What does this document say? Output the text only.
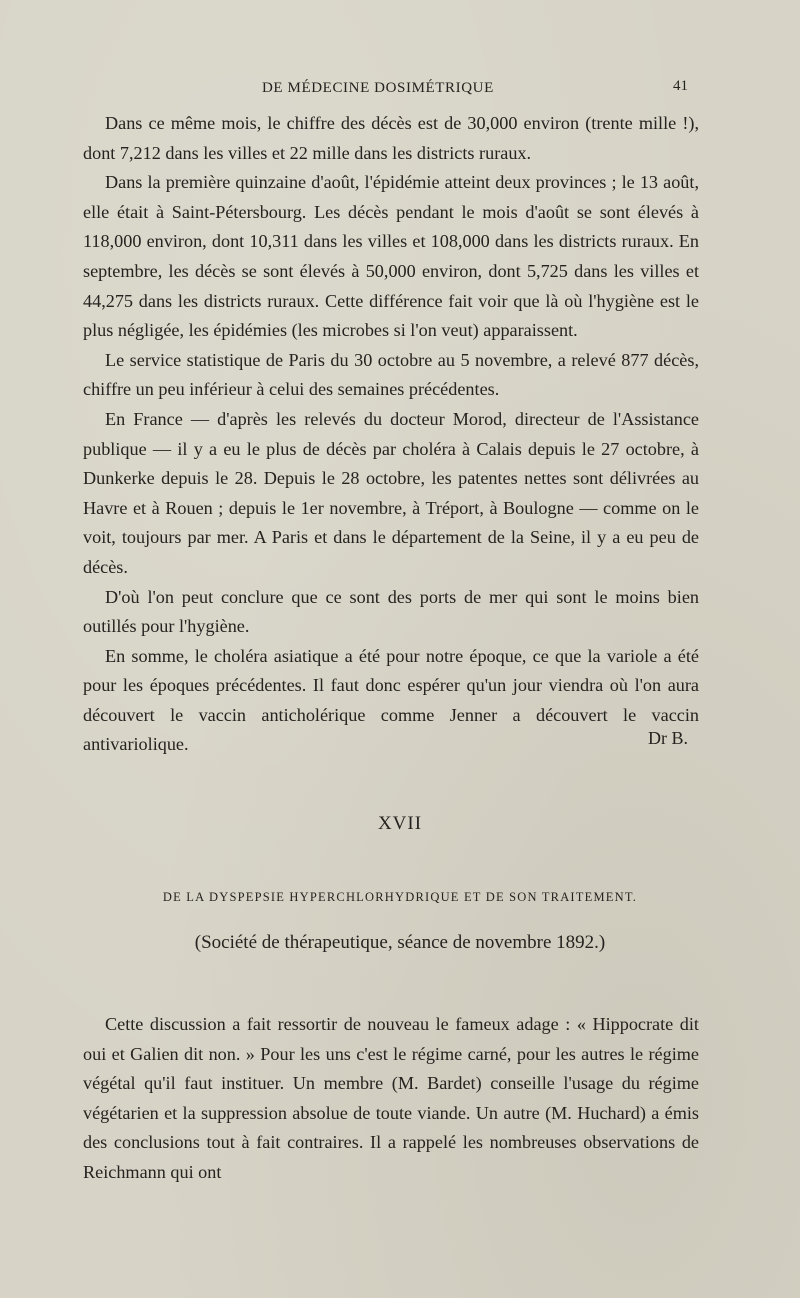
DE MÉDECINE DOSIMÉTRIQUE	41

Dans ce même mois, le chiffre des décès est de 30,000 environ (trente mille !), dont 7,212 dans les villes et 22 mille dans les districts ruraux.

Dans la première quinzaine d'août, l'épidémie atteint deux provinces ; le 13 août, elle était à Saint-Pétersbourg. Les décès pendant le mois d'août se sont élevés à 118,000 environ, dont 10,311 dans les villes et 108,000 dans les districts ruraux. En septembre, les décès se sont élevés à 50,000 environ, dont 5,725 dans les villes et 44,275 dans les districts ruraux. Cette différence fait voir que là où l'hygiène est le plus négligée, les épidémies (les microbes si l'on veut) apparaissent.

Le service statistique de Paris du 30 octobre au 5 novembre, a relevé 877 décès, chiffre un peu inférieur à celui des semaines précédentes.

En France — d'après les relevés du docteur Morod, directeur de l'Assistance publique — il y a eu le plus de décès par choléra à Calais depuis le 27 octobre, à Dunkerke depuis le 28. Depuis le 28 octobre, les patentes nettes sont délivrées au Havre et à Rouen ; depuis le 1er novembre, à Tréport, à Boulogne — comme on le voit, toujours par mer. A Paris et dans le département de la Seine, il y a eu peu de décès.

D'où l'on peut conclure que ce sont des ports de mer qui sont le moins bien outillés pour l'hygiène.

En somme, le choléra asiatique a été pour notre époque, ce que la variole a été pour les époques précédentes. Il faut donc espérer qu'un jour viendra où l'on aura découvert le vaccin anticholérique comme Jenner a découvert le vaccin antivariolique.	Dr B.
XVII
DE LA DYSPEPSIE HYPERCHLORHYDRIQUE ET DE SON TRAITEMENT.
(Société de thérapeutique, séance de novembre 1892.)

Cette discussion a fait ressortir de nouveau le fameux adage : « Hippocrate dit oui et Galien dit non. » Pour les uns c'est le régime carné, pour les autres le régime végétal qu'il faut instituer. Un membre (M. Bardet) conseille l'usage du régime végétarien et la suppression absolue de toute viande. Un autre (M. Huchard) a émis des conclusions tout à fait contraires. Il a rappelé les nombreuses observations de Reichmann qui ont
